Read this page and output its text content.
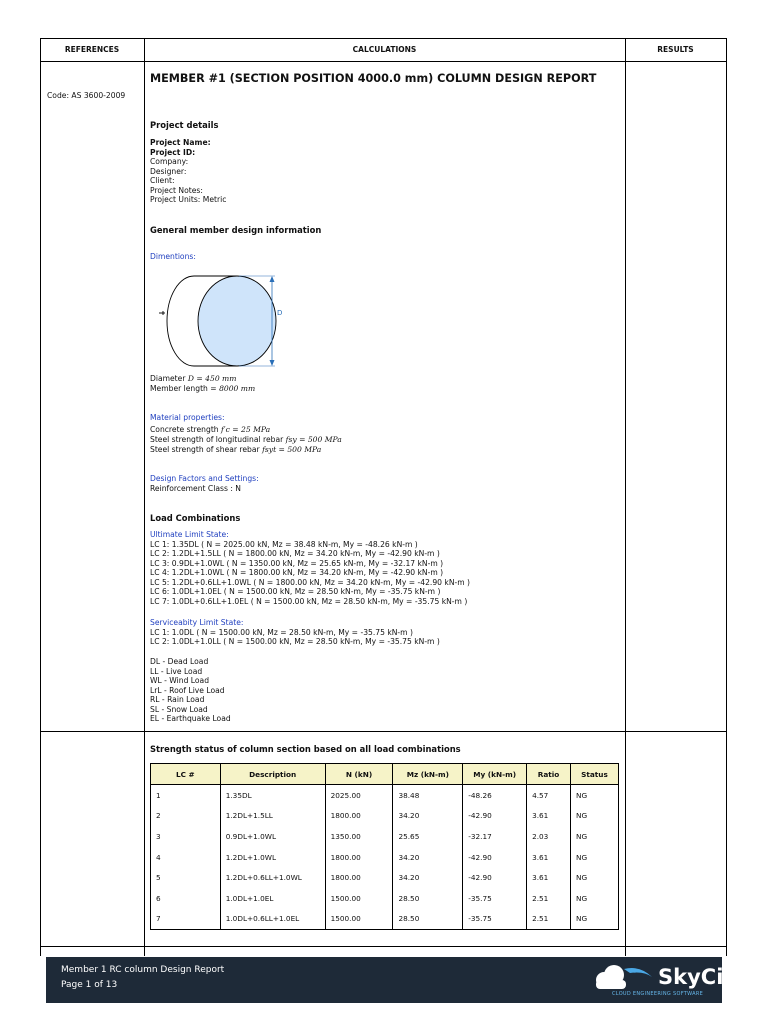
REFERENCES	CALCULATIONS	RESULTS
Code: AS 3600-2009
MEMBER #1 (SECTION POSITION 4000.0 mm) COLUMN DESIGN REPORT
Project details
Project Name:
Project ID:
Company:
Designer:
Client:
Project Notes:
Project Units: Metric
General member design information
Dimentions:
D
Diameter D = 450 mm
Member length = 8000 mm
Material properties:
Concrete strength f′c = 25 MPa
Steel strength of longitudinal rebar fsy = 500 MPa
Steel strength of shear rebar fsyt = 500 MPa
Design Factors and Settings:
Reinforcement Class : N
Load Combinations
Ultimate Limit State:
LC 1: 1.35DL ( N = 2025.00 kN, Mz = 38.48 kN-m, My = -48.26 kN-m )
LC 2: 1.2DL+1.5LL ( N = 1800.00 kN, Mz = 34.20 kN-m, My = -42.90 kN-m )
LC 3: 0.9DL+1.0WL ( N = 1350.00 kN, Mz = 25.65 kN-m, My = -32.17 kN-m )
LC 4: 1.2DL+1.0WL ( N = 1800.00 kN, Mz = 34.20 kN-m, My = -42.90 kN-m )
LC 5: 1.2DL+0.6LL+1.0WL ( N = 1800.00 kN, Mz = 34.20 kN-m, My = -42.90 kN-m )
LC 6: 1.0DL+1.0EL ( N = 1500.00 kN, Mz = 28.50 kN-m, My = -35.75 kN-m )
LC 7: 1.0DL+0.6LL+1.0EL ( N = 1500.00 kN, Mz = 28.50 kN-m, My = -35.75 kN-m )
Serviceabity Limit State:
LC 1: 1.0DL ( N = 1500.00 kN, Mz = 28.50 kN-m, My = -35.75 kN-m )
LC 2: 1.0DL+1.0LL ( N = 1500.00 kN, Mz = 28.50 kN-m, My = -35.75 kN-m )
DL - Dead Load
LL - Live Load
WL - Wind Load
LrL - Roof Live Load
RL - Rain Load
SL - Snow Load
EL - Earthquake Load
Strength status of column section based on all load combinations
LC #	Description	N (kN)	Mz (kN-m)	My (kN-m)	Ratio	Status
1	1.35DL	2025.00	38.48	-48.26	4.57	NG
2	1.2DL+1.5LL	1800.00	34.20	-42.90	3.61	NG
3	0.9DL+1.0WL	1350.00	25.65	-32.17	2.03	NG
4	1.2DL+1.0WL	1800.00	34.20	-42.90	3.61	NG
5	1.2DL+0.6LL+1.0WL	1800.00	34.20	-42.90	3.61	NG
6	1.0DL+1.0EL	1500.00	28.50	-35.75	2.51	NG
7	1.0DL+0.6LL+1.0EL	1500.00	28.50	-35.75	2.51	NG
Member 1 RC column Design Report
Page 1 of 13	SkyCiv
CLOUD ENGINEERING SOFTWARE
